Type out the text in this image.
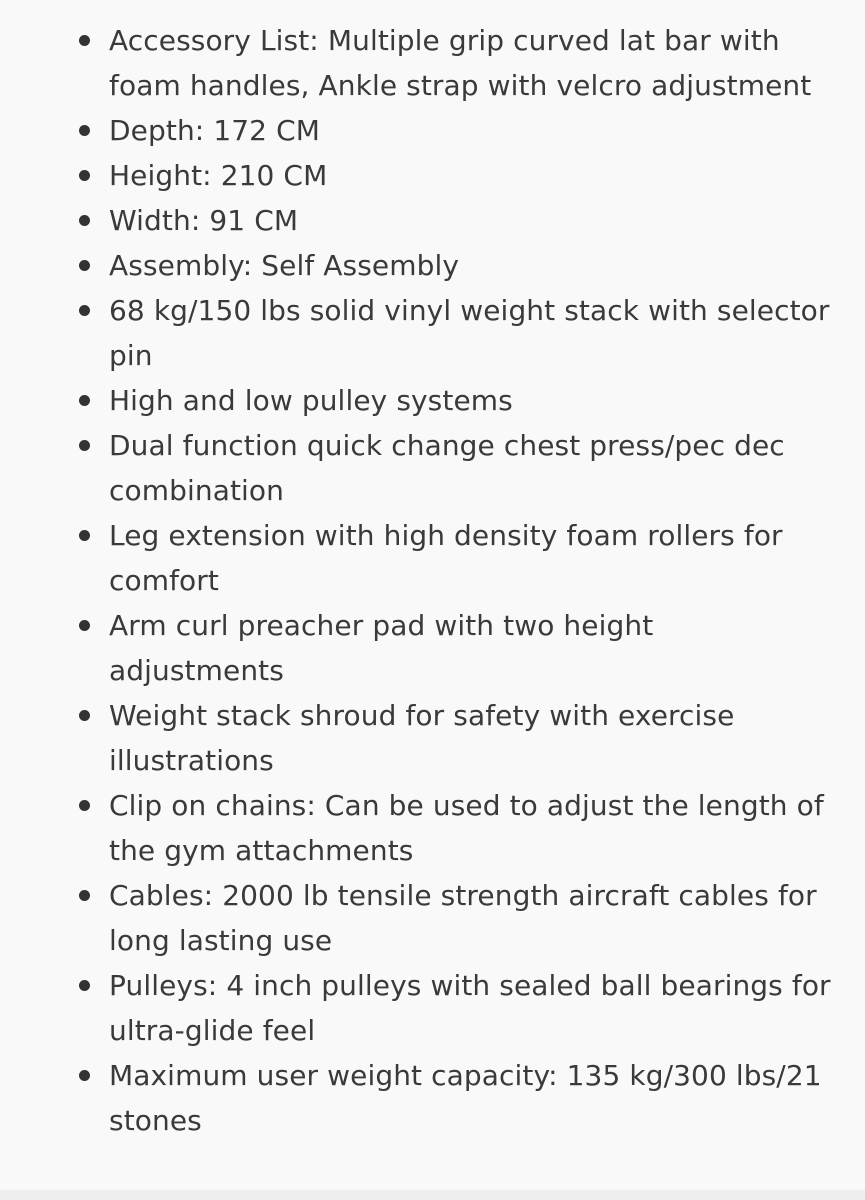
Accessory List: Multiple grip curved lat bar with foam handles, Ankle strap with velcro adjustment
Depth: 172 CM
Height: 210 CM
Width: 91 CM
Assembly: Self Assembly
68 kg/150 lbs solid vinyl weight stack with selector pin
High and low pulley systems
Dual function quick change chest press/pec dec combination
Leg extension with high density foam rollers for comfort
Arm curl preacher pad with two height adjustments
Weight stack shroud for safety with exercise illustrations
Clip on chains: Can be used to adjust the length of the gym attachments
Cables: 2000 lb tensile strength aircraft cables for long lasting use
Pulleys: 4 inch pulleys with sealed ball bearings for ultra-glide feel
Maximum user weight capacity: 135 kg/300 lbs/21 stones
